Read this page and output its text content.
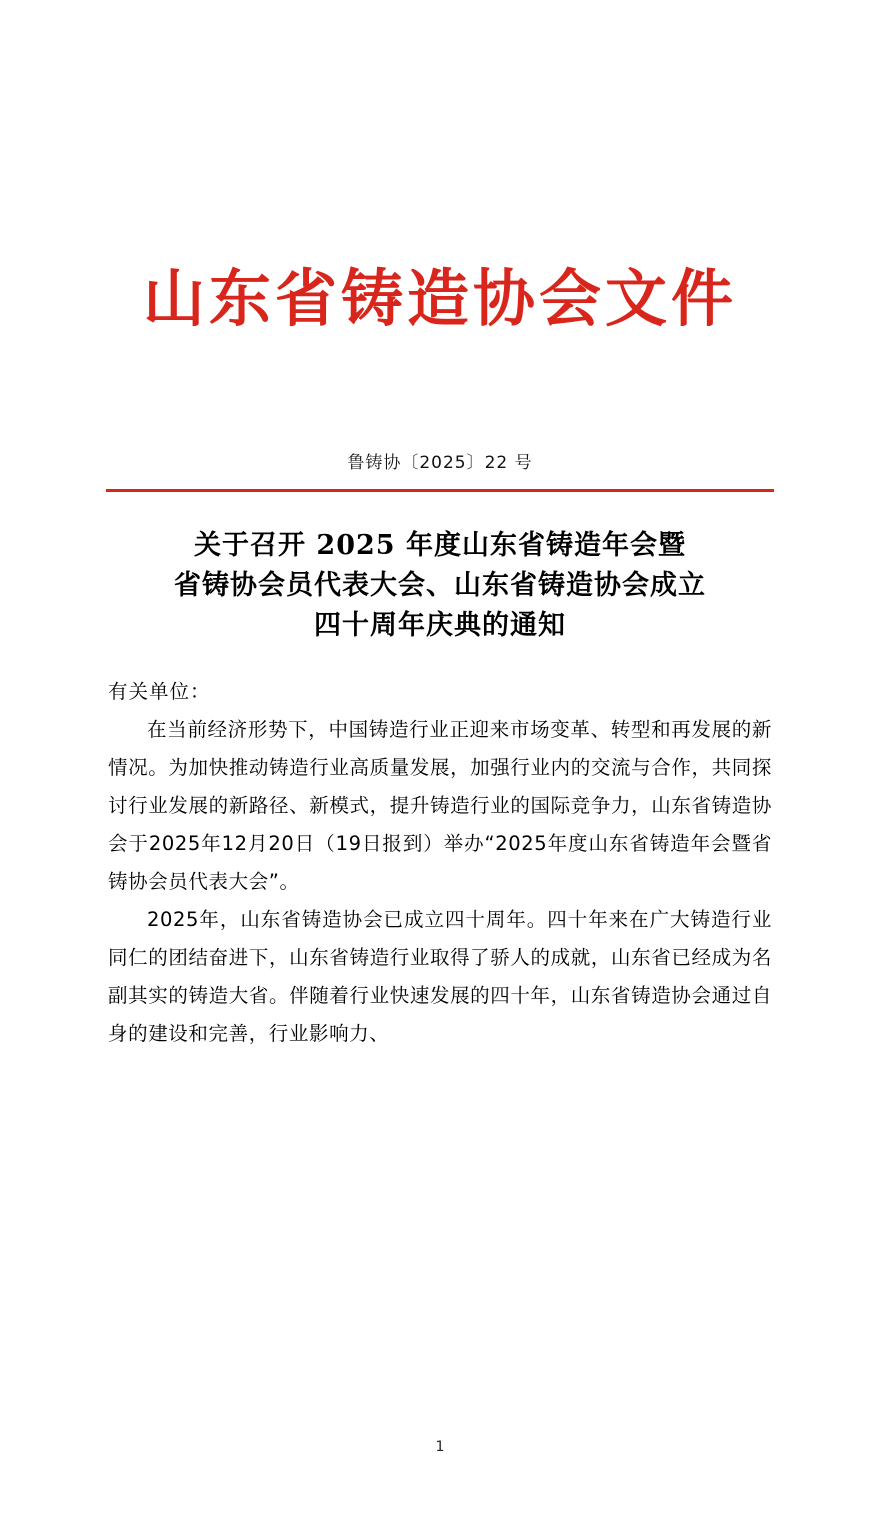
山东省铸造协会文件
鲁铸协〔2025〕22 号
关于召开 2025 年度山东省铸造年会暨
省铸协会员代表大会、山东省铸造协会成立
四十周年庆典的通知
有关单位：

在当前经济形势下，中国铸造行业正迎来市场变革、转型和再发展的新情况。为加快推动铸造行业高质量发展，加强行业内的交流与合作，共同探讨行业发展的新路径、新模式，提升铸造行业的国际竞争力，山东省铸造协会于2025年12月20日（19日报到）举办“2025年度山东省铸造年会暨省铸协会员代表大会”。

2025年，山东省铸造协会已成立四十周年。四十年来在广大铸造行业同仁的团结奋进下，山东省铸造行业取得了骄人的成就，山东省已经成为名副其实的铸造大省。伴随着行业快速发展的四十年，山东省铸造协会通过自身的建设和完善，行业影响力、

1
